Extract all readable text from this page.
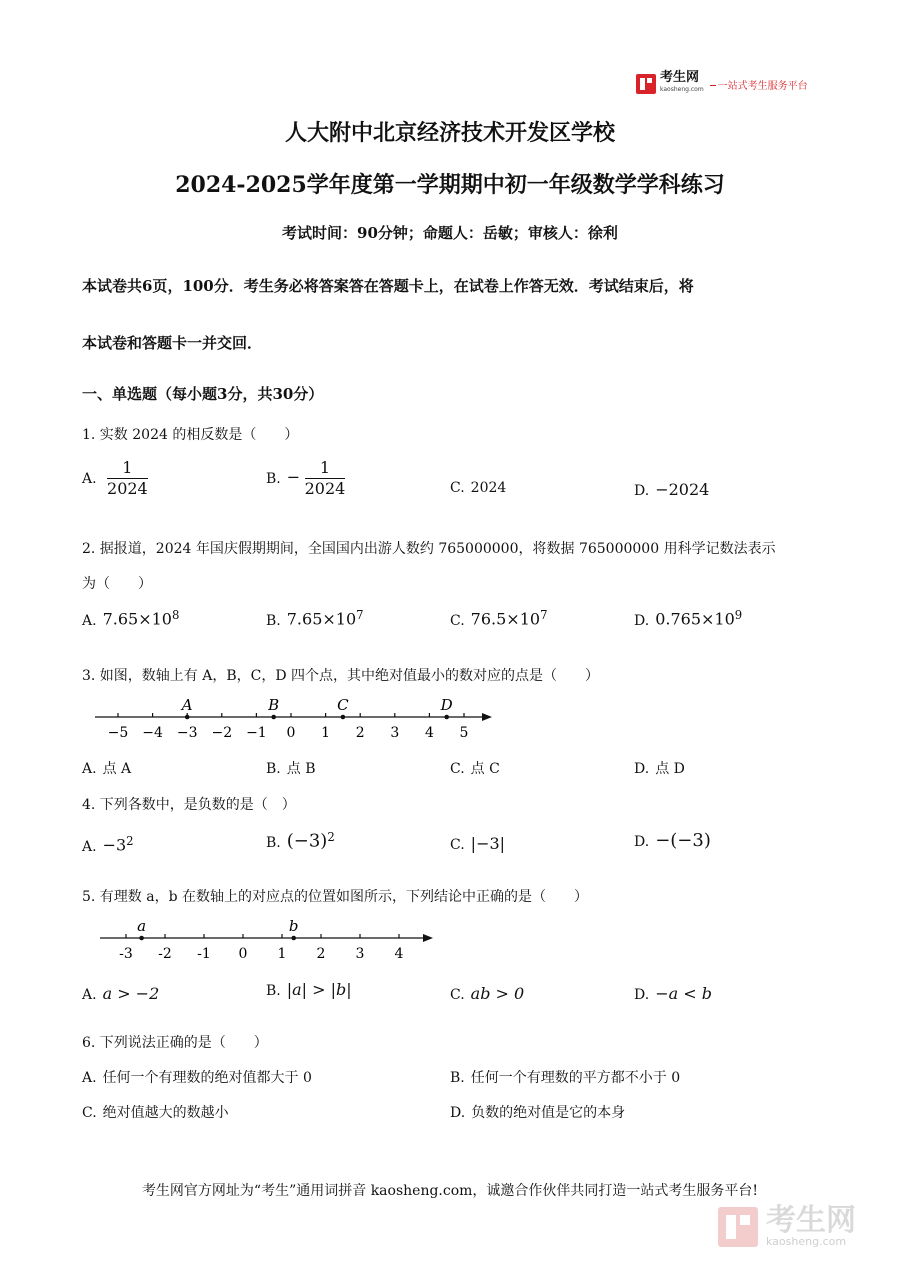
考生网
kaosheng.com	一站式考生服务平台
人大附中北京经济技术开发区学校
2024-2025学年度第一学期期中初一年级数学学科练习
考试时间：90分钟；命题人：岳敏；审核人：徐利
本试卷共6页，100分．考生务必将答案答在答题卡上，在试卷上作答无效．考试结束后，将
本试卷和答题卡一并交回．
一、单选题（每小题3分，共30分）
1. 实数 2024 的相反数是（　　）
A. $\frac{1}{2024}$	B. − $\frac{1}{2024}$	C. 2024	D. −2024
2. 据报道，2024 年国庆假期期间，全国国内出游人数约 765000000，将数据 765000000 用科学记数法表示
为（　　）
A. $7.65\times 10^8$	B. $7.65\times 10^7$	C. $76.5\times 10^7$	D. $0.765\times 10^9$
3. 如图，数轴上有 A，B，C，D 四个点，其中绝对值最小的数对应的点是（　　）
−5 −4 −3 −2 −1 0 1 2 3 4 5
A	B	C	D
A. 点 A	B. 点 B	C. 点 C	D. 点 D
4. 下列各数中，是负数的是（　）
A. $-3^2$	B. $(-3)^2$	C. |−3|	D. −(−3)
5. 有理数 a，b 在数轴上的对应点的位置如图所示，下列结论中正确的是（　　）
-3 -2 -1 0 1 2 3 4
a	b
A. a > −2	B. |a| > |b|	C. ab > 0	D. −a < b
6. 下列说法正确的是（　　）
A. 任何一个有理数的绝对值都大于 0	B. 任何一个有理数的平方都不小于 0
C. 绝对值越大的数越小	D. 负数的绝对值是它的本身
考生网官方网址为“考生”通用词拼音 kaosheng.com，诚邀合作伙伴共同打造一站式考生服务平台!
考生网
kaosheng.com
